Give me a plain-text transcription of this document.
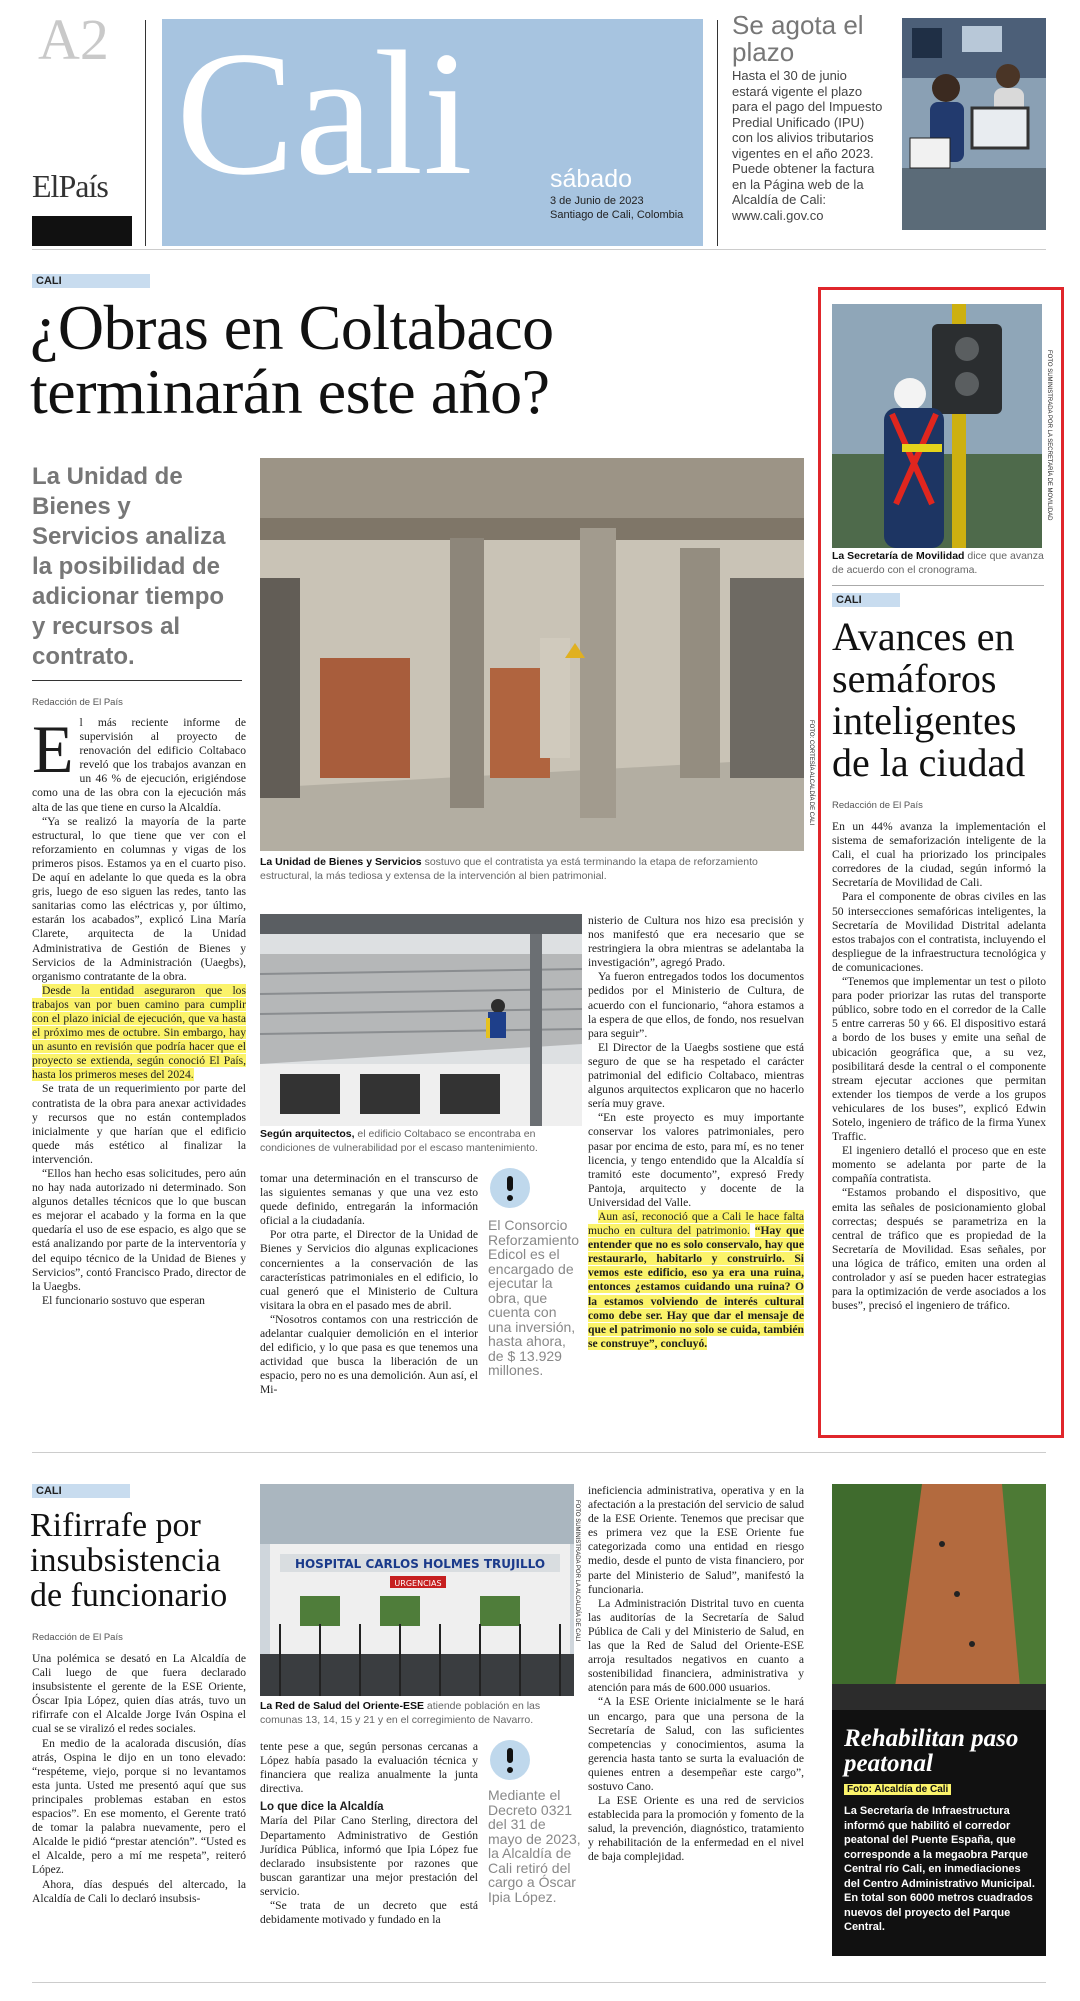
A2
ElPaís Cali	sábado
3 de Junio de 2023
Santiago de Cali, Colombia
Se agota el plazo
Hasta el 30 de junio estará vigente el plazo para el pago del Impuesto Predial Unificado (IPU) con los alivios tributarios vigentes en el año 2023. Puede obtener la factura en la Página web de la Alcaldía de Cali: www.cali.gov.co
CALI
¿Obras en Coltabaco terminarán este año?
La Unidad de Bienes y Servicios analiza la posibilidad de adicionar tiempo y recursos al contrato.
Redacción de El País
E l más reciente informe de supervisión al proyecto de renovación del edificio Coltabaco reveló que los trabajos avanzan en un 46 % de ejecución, erigiéndose como una de las obra con la ejecución más alta de las que tiene en curso la Alcaldía.

“Ya se realizó la mayoría de la parte estructural, lo que tiene que ver con el reforzamiento en columnas y vigas de los primeros pisos. Estamos ya en el cuarto piso. De aquí en adelante lo que queda es la obra gris, luego de eso siguen las redes, tanto las sanitarias como las eléctricas y, por último, estarán los acabados”, explicó Lina María Clarete, arquitecta de la Unidad Administrativa de Gestión de Bienes y Servicios de la Administración (Uaegbs), organismo contratante de la obra.

Desde la entidad aseguraron que los trabajos van por buen camino para cumplir con el plazo inicial de ejecución, que va hasta el próximo mes de octubre. Sin embargo, hay un asunto en revisión que podría hacer que el proyecto se extienda, según conoció El País, hasta los primeros meses del 2024.

Se trata de un requerimiento por parte del contratista de la obra para anexar actividades y recursos que no están contemplados inicialmente y que harían que el edificio quede más estético al finalizar la intervención.

“Ellos han hecho esas solicitudes, pero aún no hay nada autorizado ni determinado. Son algunos detalles técnicos que lo que buscan es mejorar el acabado y la forma en la que quedaría el uso de ese espacio, es algo que se está analizando por parte de la interventoría y del equipo técnico de la Unidad de Bienes y Servicios”, contó Francisco Prado, director de la Uaegbs.

El funcionario sostuvo que esperan

FOTO: CORTESÍA ALCALDÍA DE CALI
La Unidad de Bienes y Servicios sostuvo que el contratista ya está terminando la etapa de reforzamiento estructural, la más tediosa y extensa de la intervención al bien patrimonial.
Según arquitectos, el edificio Coltabaco se encontraba en condiciones de vulnerabilidad por el escaso mantenimiento.

tomar una determinación en el transcurso de las siguientes semanas y que una vez esto quede definido, entregarán la información oficial a la ciudadanía.

Por otra parte, el Director de la Unidad de Bienes y Servicios dio algunas explicaciones concernientes a la conservación de las características patrimoniales en el edificio, lo cual generó que el Ministerio de Cultura visitara la obra en el pasado mes de abril.

“Nosotros contamos con una restricción de adelantar cualquier demolición en el interior del edificio, y lo que pasa es que tenemos una actividad que busca la liberación de un espacio, pero no es una demolición. Aun así, el Mi-

El Consorcio Reforzamiento Edicol es el encargado de ejecutar la obra, que cuenta con una inversión, hasta ahora, de $ 13.929 millones.

nisterio de Cultura nos hizo esa precisión y nos manifestó que era necesario que se restringiera la obra mientras se adelantaba la investigación”, agregó Prado.

Ya fueron entregados todos los documentos pedidos por el Ministerio de Cultura, de acuerdo con el funcionario, “ahora estamos a la espera de que ellos, de fondo, nos resuelvan para seguir”.

El Director de la Uaegbs sostiene que está seguro de que se ha respetado el carácter patrimonial del edificio Coltabaco, mientras algunos arquitectos explicaron que no hacerlo sería muy grave.

“En este proyecto es muy importante conservar los valores patrimoniales, pero pasar por encima de esto, para mí, es no tener licencia, y tengo entendido que la Alcaldía sí tramitó este documento”, expresó Fredy Pantoja, arquitecto y docente de la Universidad del Valle.

Aun así, reconoció que a Cali le hace falta mucho en cultura del patrimonio. “Hay que entender que no es solo conservalo, hay que restaurarlo, habitarlo y construirlo. Si vemos este edificio, eso ya era una ruina, entonces ¿estamos cuidando una ruina? O la estamos volviendo de interés cultural como debe ser. Hay que dar el mensaje de que el patrimonio no solo se cuida, también se construye”, concluyó.

FOTO SUMINISTRADA POR LA SECRETARÍA DE MOVILIDAD
La Secretaría de Movilidad dice que avanza de acuerdo con el cronograma.
CALI
Avances en semáforos inteligentes de la ciudad
Redacción de El País

En un 44% avanza la implementación el sistema de semaforización inteligente de la Cali, el cual ha priorizado los principales corredores de la ciudad, según informó la Secretaría de Movilidad de Cali.

Para el componente de obras civiles en las 50 intersecciones semafóricas inteligentes, la Secretaría de Movilidad Distrital adelanta estos trabajos con el contratista, incluyendo el despliegue de la infraestructura tecnológica y de comunicaciones.

“Tenemos que implementar un test o piloto para poder priorizar las rutas del transporte público, sobre todo en el corredor de la Calle 5 entre carreras 50 y 66. El dispositivo estará a bordo de los buses y emite una señal de ubicación geográfica que, a su vez, posibilitará desde la central o el componente stream ejecutar acciones que permitan extender los tiempos de verde a los grupos vehiculares de los buses”, explicó Edwin Sotelo, ingeniero de tráfico de la firma Yunex Traffic.

El ingeniero detalló el proceso que en este momento se adelanta por parte de la compañía contratista.

“Estamos probando el dispositivo, que emita las señales de posicionamiento global correctas; después se parametriza en la central de tráfico que es propiedad de la Secretaría de Movilidad. Esas señales, por una lógica de tráfico, emiten una orden al controlador y así se pueden hacer estrategias para la optimización de verde asociados a los buses”, precisó el ingeniero de tráfico.

CALI
Rifirrafe por insubsistencia de funcionario
Redacción de El País

Una polémica se desató en La Alcaldía de Cali luego de que fuera declarado insubsistente el gerente de la ESE Oriente, Óscar Ipia López, quien días atrás, tuvo un rifirrafe con el Alcalde Jorge Iván Ospina el cual se se viralizó el redes sociales.

En medio de la acalorada discusión, días atrás, Ospina le dijo en un tono elevado: “respéteme, viejo, porque si no levantamos esta junta. Usted me presentó aquí que sus principales problemas estaban en estos espacios”. En ese momento, el Gerente trató de tomar la palabra nuevamente, pero el Alcalde le pidió “prestar atención”. “Usted es el Alcalde, pero a mí me respeta”, reiteró López.

Ahora, días después del altercado, la Alcaldía de Cali lo declaró insubsis-

HOSPITAL CARLOS HOLMES TRUJILLO
URGENCIAS	FOTO SUMINISTRADA POR LA ALCALDÍA DE CALI
La Red de Salud del Oriente-ESE atiende población en las comunas 13, 14, 15 y 21 y en el corregimiento de Navarro.

tente pese a que, según personas cercanas a López había pasado la evaluación técnica y financiera que realiza anualmente la junta directiva.

Lo que dice la Alcaldía

María del Pilar Cano Sterling, directora del Departamento Administrativo de Gestión Jurídica Pública, informó que Ipia López fue declarado insubsistente por razones que buscan garantizar una mejor prestación del servicio.

“Se trata de un decreto que está debidamente motivado y fundado en la

Mediante el Decreto 0321 del 31 de mayo de 2023, la Alcaldía de Cali retiró del cargo a Óscar Ipia López.

ineficiencia administrativa, operativa y en la afectación a la prestación del servicio de salud de la ESE Oriente. Tenemos que precisar que es primera vez que la ESE Oriente fue categorizada como una entidad en riesgo medio, desde el punto de vista financiero, por parte del Ministerio de Salud”, manifestó la funcionaria.

La Administración Distrital tuvo en cuenta las auditorías de la Secretaría de Salud Pública de Cali y del Ministerio de Salud, en las que la Red de Salud del Oriente-ESE arroja resultados negativos en cuanto a sostenibilidad financiera, administrativa y atención para más de 600.000 usuarios.

“A la ESE Oriente inicialmente se le hará un encargo, para que una persona de la Secretaría de Salud, con las suficientes competencias y conocimientos, asuma la gerencia hasta tanto se surta la evaluación de quienes entren a desempeñar este cargo”, sostuvo Cano.

La ESE Oriente es una red de servicios establecida para la promoción y fomento de la salud, la prevención, diagnóstico, tratamiento y rehabilitación de la enfermedad en el nivel de baja complejidad.

Rehabilitan paso peatonal
Foto: Alcaldía de Cali
La Secretaría de Infraestructura informó que habilitó el corredor peatonal del Puente España, que corresponde a la megaobra Parque Central río Cali, en inmediaciones del Centro Administrativo Municipal. En total son 6000 metros cuadrados nuevos del proyecto del Parque Central.
